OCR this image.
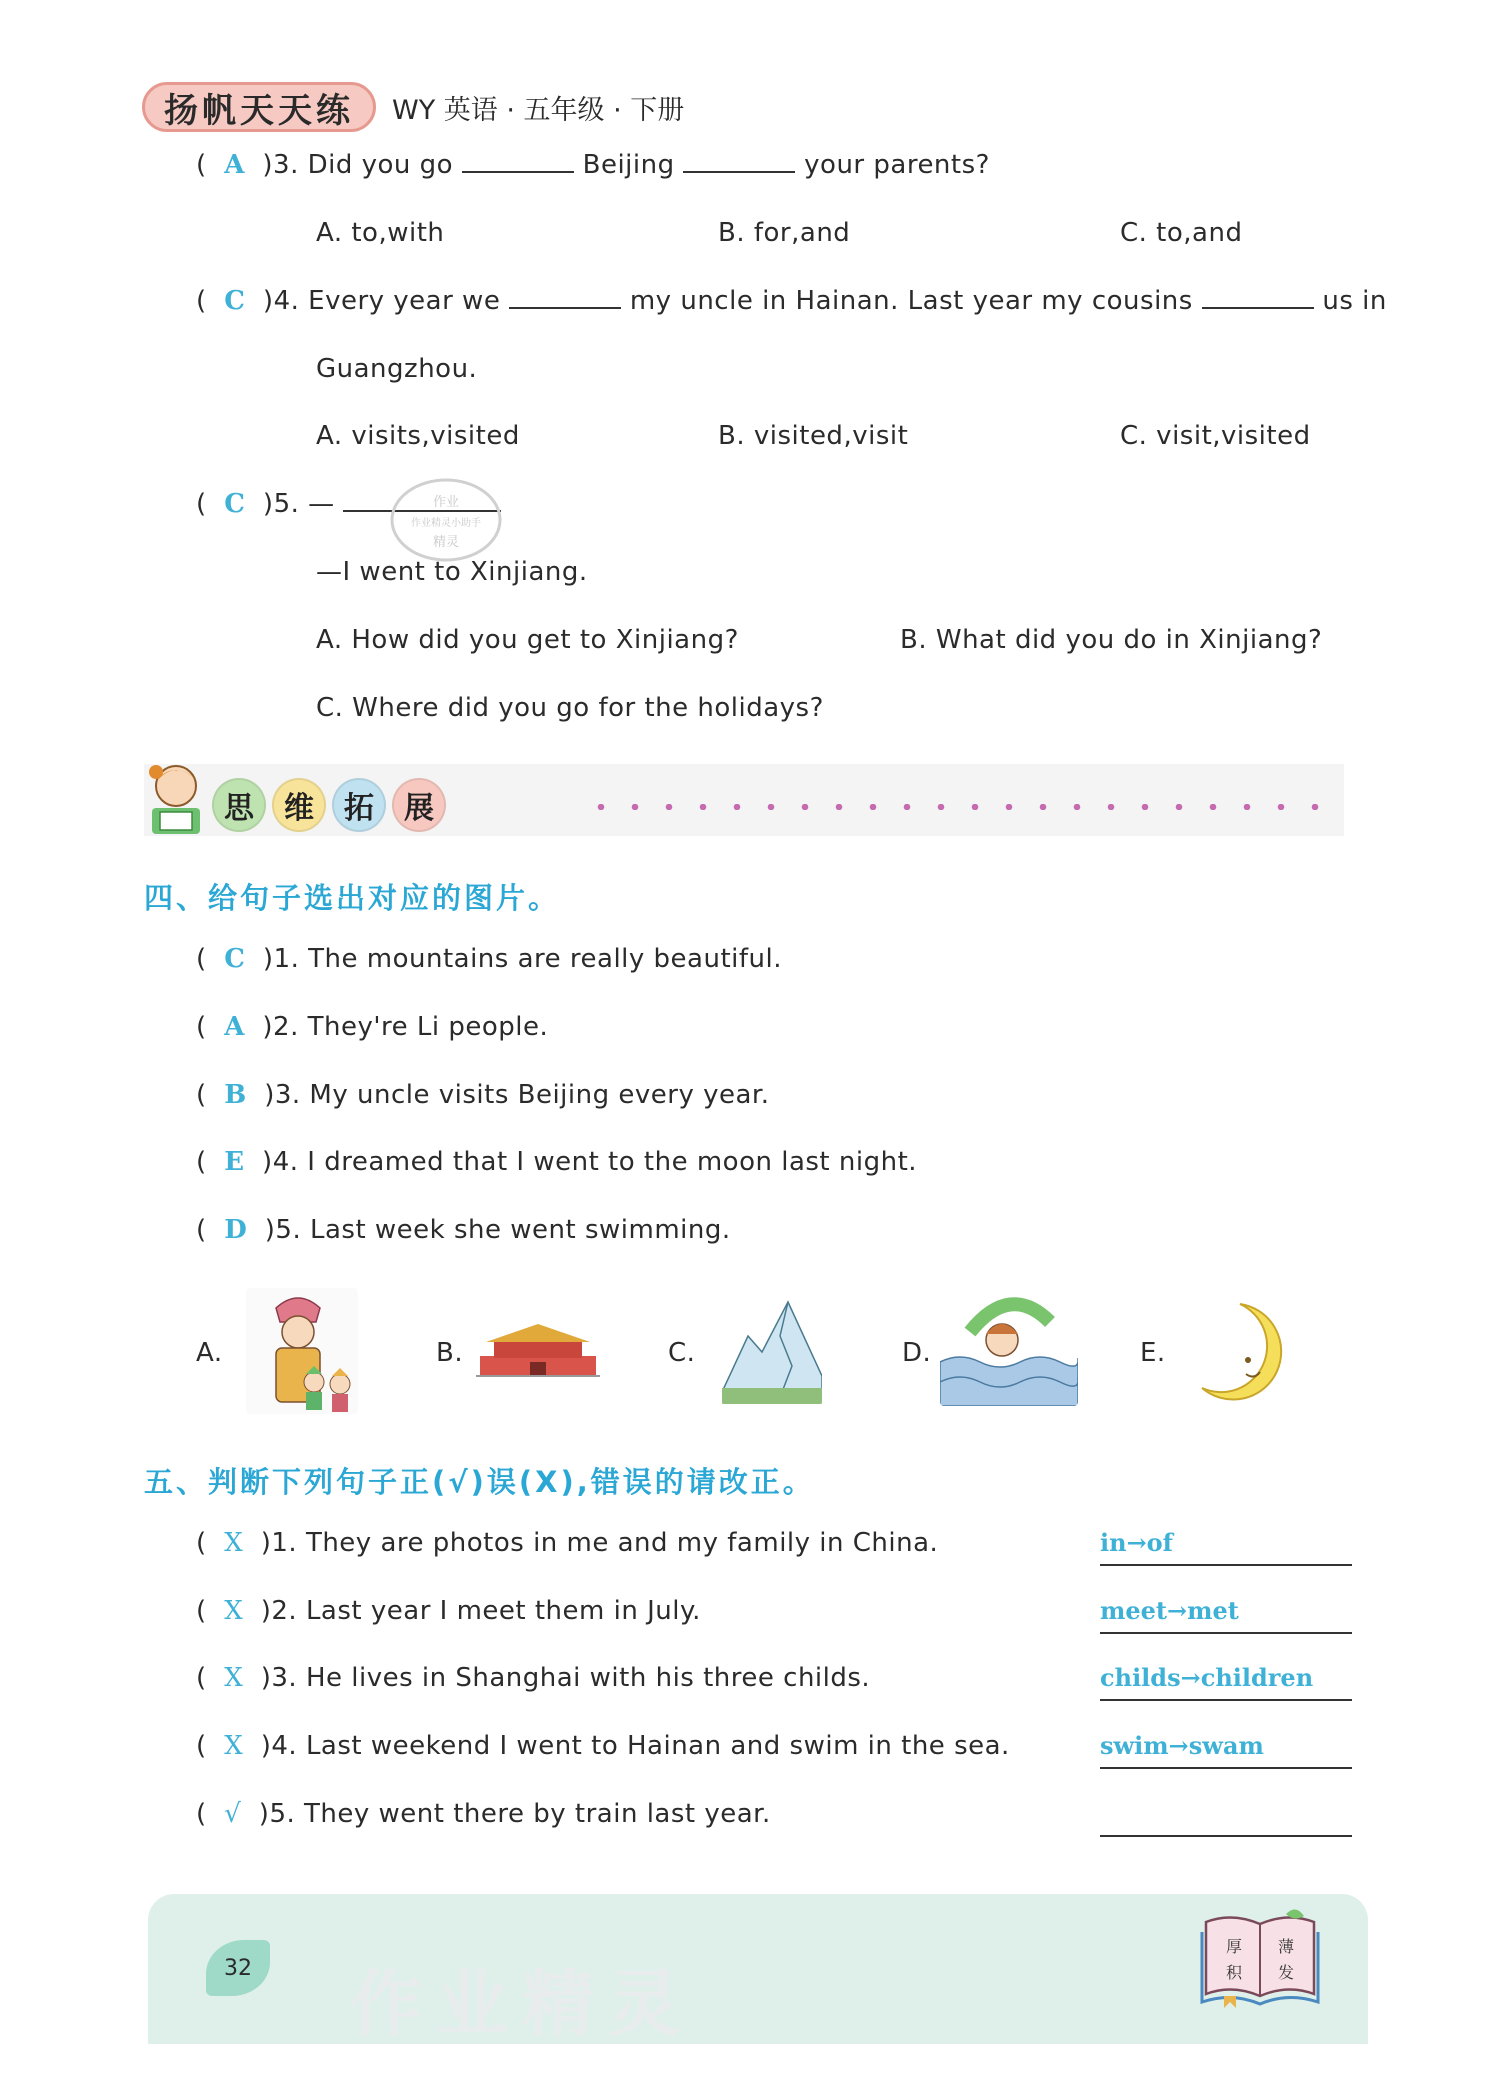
扬帆天天练	WY 英语 · 五年级 · 下册
( A )3. Did you go	Beijing	your parents?
A. to,with	B. for,and	C. to,and
( C )4. Every year we	my uncle in Hainan. Last year my cousins	us in
Guangzhou.
A. visits,visited	B. visited,visit	C. visit,visited
( C )5. —	作业
作业精灵小助手
精灵
—I went to Xinjiang.
A. How did you get to Xinjiang?	B. What did you do in Xinjiang?
C. Where did you go for the holidays?
思	维	拓	展
四、给句子选出对应的图片。
( C )1. The mountains are really beautiful.
( A )2. They're Li people.
( B )3. My uncle visits Beijing every year.
( E )4. I dreamed that I went to the moon last night.
( D )5. Last week she went swimming.
A.	B.	C.	D.	E.
五、判断下列句子正(√)误(X),错误的请改正。
( X )1. They are photos in me and my family in China.	in→of
( X )2. Last year I meet them in July.	meet→met
( X )3. He lives in Shanghai with his three childs.	childs→children
( X )4. Last weekend I went to Hainan and swim in the sea.	swim→swam
( √ )5. They went there by train last year.
32 作业精灵
厚 薄
积 发
